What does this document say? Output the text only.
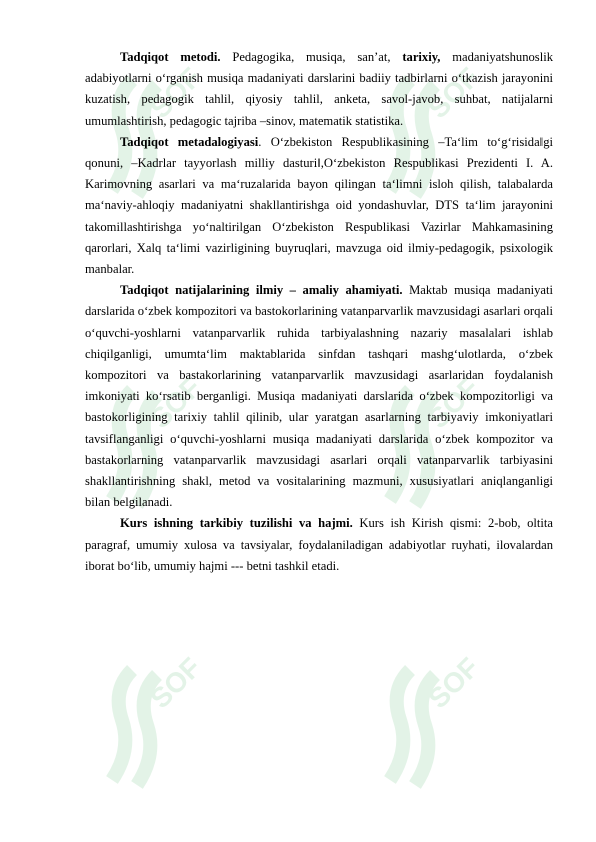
SOF	SOF
SOF	SOF
SOF	SOF

Tadqiqot metodi. Pedagogika, musiqa, san’at, tarixiy, madaniyatshunoslik adabiyotlarni o‘rganish musiqa madaniyati darslarini badiiy tadbirlarni o‘tkazish jarayonini kuzatish, pedagogik tahlil, qiyosiy tahlil, anketa, savol-javob, suhbat, natijalarni umumlashtirish, pedagogic tajriba –sinov, matematik statistika.

Tadqiqot metadalogiyasi. O‘zbekiston Respublikasining –Ta‘lim to‘g‘risida‖gi qonuni, –Kadrlar tayyorlash milliy dasturi‖,O‘zbekiston Respublikasi Prezidenti I. A. Karimovning asarlari va ma‘ruzalarida bayon qilingan ta‘limni isloh qilish, talabalarda ma‘naviy-ahloqiy madaniyatni shakllantirishga oid yondashuvlar, DTS ta‘lim jarayonini takomillashtirishga yo‘naltirilgan O‘zbekiston Respublikasi Vazirlar Mahkamasining qarorlari, Xalq ta‘limi vazirligining buyruqlari, mavzuga oid ilmiy-pedagogik, psixologik manbalar.

Tadqiqot natijalarining ilmiy – amaliy ahamiyati. Maktab musiqa madaniyati darslarida o‘zbek kompozitori va bastokorlarining vatanparvarlik mavzusidagi asarlari orqali o‘quvchi-yoshlarni vatanparvarlik ruhida tarbiyalashning nazariy masalalari ishlab chiqilganligi, umumta‘lim maktablarida sinfdan tashqari mashg‘ulotlarda, o‘zbek kompozitori va bastakorlarining vatanparvarlik mavzusidagi asarlaridan foydalanish imkoniyati ko‘rsatib berganligi. Musiqa madaniyati darslarida o‘zbek kompozitorligi va bastokorligining tarixiy tahlil qilinib, ular yaratgan asarlarning tarbiyaviy imkoniyatlari tavsiflanganligi o‘quvchi-yoshlarni musiqa madaniyati darslarida o‘zbek kompozitor va bastakorlarning vatanparvarlik mavzusidagi asarlari orqali vatanparvarlik tarbiyasini shakllantirishning shakl, metod va vositalarining mazmuni, xususiyatlari aniqlanganligi bilan belgilanadi.

Kurs ishning tarkibiy tuzilishi va hajmi. Kurs ish Kirish qismi: 2-bob, oltita paragraf, umumiy xulosa va tavsiyalar, foydalaniladigan adabiyotlar ruyhati, ilovalardan iborat bo‘lib, umumiy hajmi --- betni tashkil etadi.
